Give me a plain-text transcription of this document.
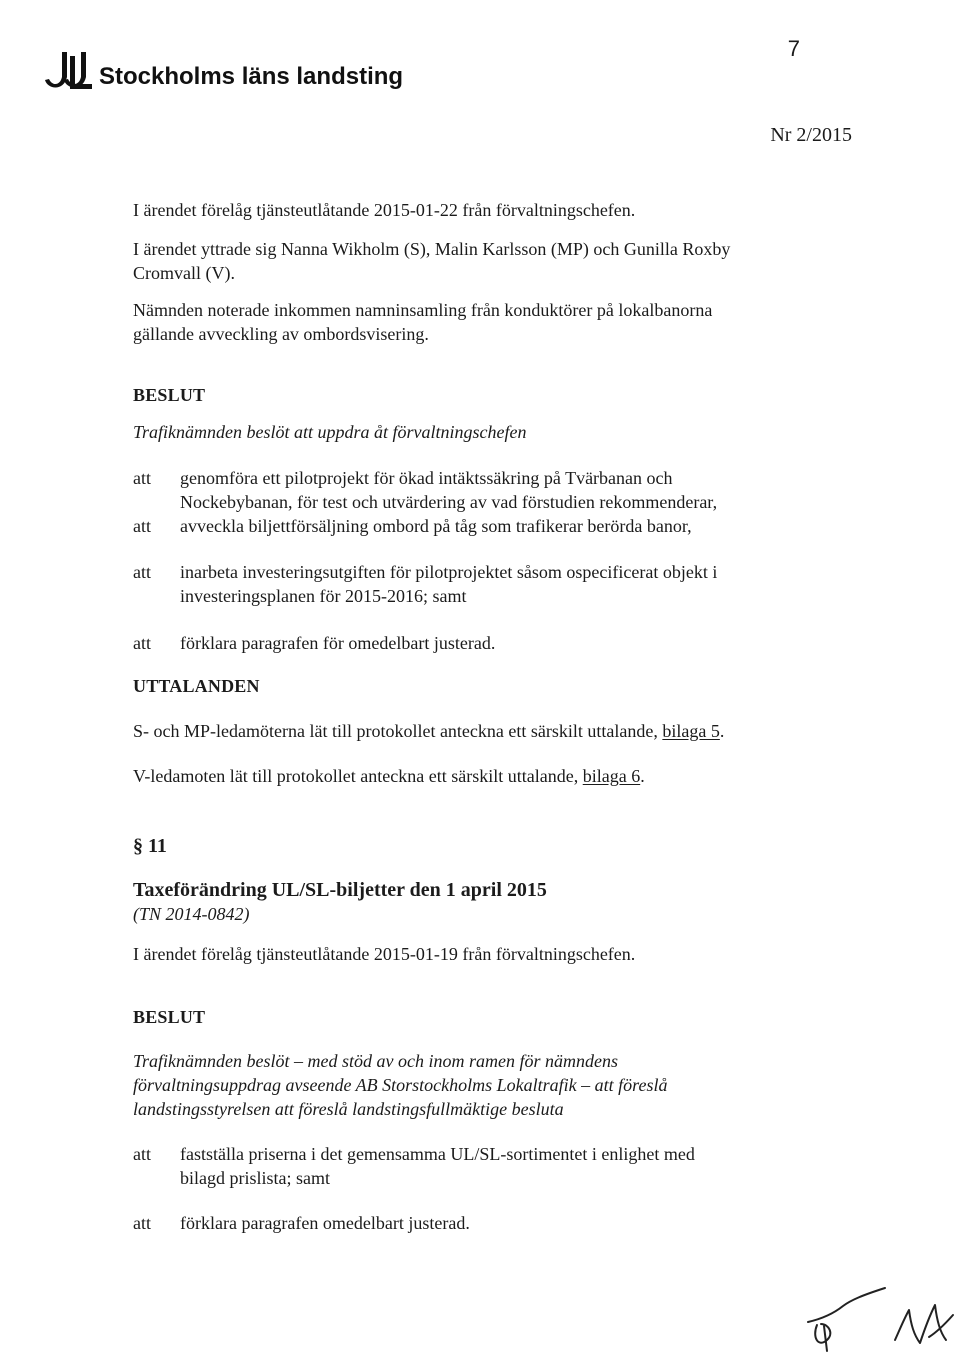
Stockholms läns landsting
7
Nr 2/2015

I ärendet förelåg tjänsteutlåtande 2015-01-22 från förvaltningschefen.

I ärendet yttrade sig Nanna Wikholm (S), Malin Karlsson (MP) och Gunilla Roxby

Cromvall (V).

Nämnden noterade inkommen namninsamling från konduktörer på lokalbanorna

gällande avveckling av ombordsvisering.

BESLUT

Trafiknämnden beslöt att uppdra åt förvaltningschefen

att	genomföra ett pilotprojekt för ökad intäktssäkring på Tvärbanan och

Nockebybanan, för test och utvärdering av vad förstudien rekommenderar,

att	avveckla biljettförsäljning ombord på tåg som trafikerar berörda banor,

att	inarbeta investeringsutgiften för pilotprojektet såsom ospecificerat objekt i

investeringsplanen för 2015-2016; samt

att	förklara paragrafen för omedelbart justerad.

UTTALANDEN

S- och MP-ledamöterna lät till protokollet anteckna ett särskilt uttalande, bilaga 5.

V-ledamoten lät till protokollet anteckna ett särskilt uttalande, bilaga 6.

§ 11
Taxeförändring UL/SL-biljetter den 1 april 2015

(TN 2014-0842)

I ärendet förelåg tjänsteutlåtande 2015-01-19 från förvaltningschefen.

BESLUT

Trafiknämnden beslöt – med stöd av och inom ramen för nämndens

förvaltningsuppdrag avseende AB Storstockholms Lokaltrafik – att föreslå

landstingsstyrelsen att föreslå landstingsfullmäktige besluta

att	fastställa priserna i det gemensamma UL/SL-sortimentet i enlighet med

bilagd prislista; samt

att	förklara paragrafen omedelbart justerad.
